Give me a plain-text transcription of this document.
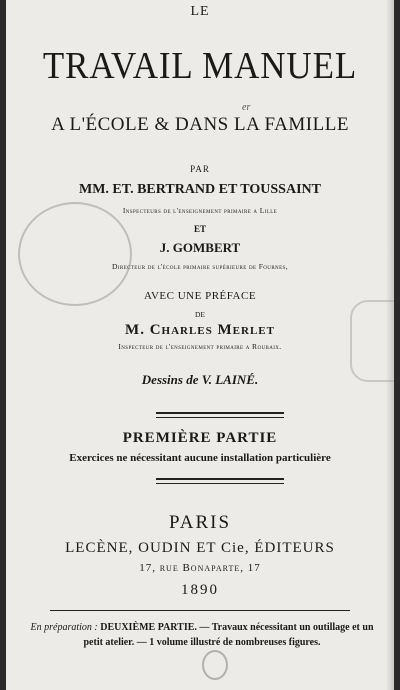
er
LE
TRAVAIL MANUEL
A L'ÉCOLE & DANS LA FAMILLE
PAR
MM. ET. BERTRAND ET TOUSSAINT
Inspecteurs de l'enseignement primaire a Lille
ET
J. GOMBERT
Directeur de l'école primaire supérieure de Fournes,
AVEC UNE PRÉFACE
DE
M. Charles Merlet
Inspecteur de l'enseignement primaire a Roubaix.
Dessins de V. LAINÉ.
PREMIÈRE PARTIE
Exercices ne nécessitant aucune installation particulière
PARIS
LECÈNE, OUDIN ET Cie, ÉDITEURS
17, rue Bonaparte, 17
1890
En préparation : DEUXIÈME PARTIE. — Travaux nécessitant un outillage et un petit atelier. — 1 volume illustré de nombreuses figures.
